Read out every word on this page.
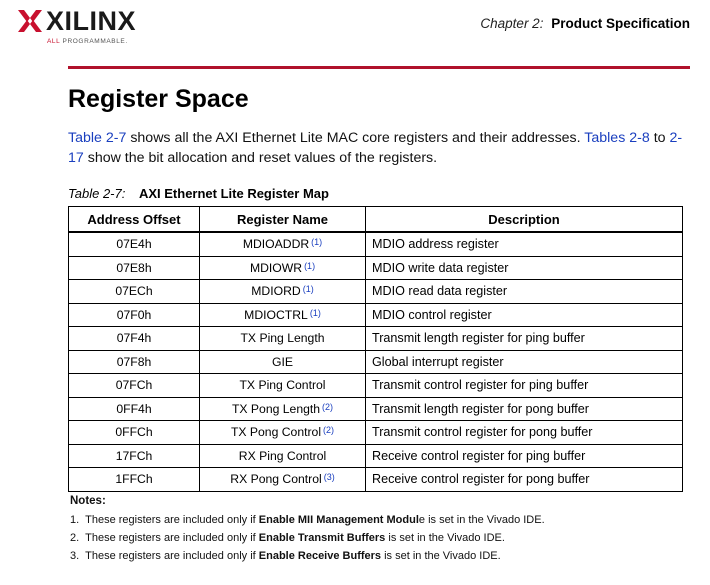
XILINX
ALL PROGRAMMABLE.
Chapter 2: Product Specification
Register Space
Table 2-7 shows all the AXI Ethernet Lite MAC core registers and their addresses. Tables 2-8 to 2-17 show the bit allocation and reset values of the registers.
Table 2-7: AXI Ethernet Lite Register Map
Address Offset	Register Name	Description
07E4h	MDIOADDR $^{(1)}$	MDIO address register
07E8h	MDIOWR $^{(1)}$	MDIO write data register
07ECh	MDIORD $^{(1)}$	MDIO read data register
07F0h	MDIOCTRL $^{(1)}$	MDIO control register
07F4h	TX Ping Length	Transmit length register for ping buffer
07F8h	GIE	Global interrupt register
07FCh	TX Ping Control	Transmit control register for ping buffer
0FF4h	TX Pong Length $^{(2)}$	Transmit length register for pong buffer
0FFCh	TX Pong Control $^{(2)}$	Transmit control register for pong buffer
17FCh	RX Ping Control	Receive control register for ping buffer
1FFCh	RX Pong Control $^{(3)}$	Receive control register for pong buffer
Notes:
1. These registers are included only if Enable MII Management Module is set in the Vivado IDE.
2. These registers are included only if Enable Transmit Buffers is set in the Vivado IDE.
3. These registers are included only if Enable Receive Buffers is set in the Vivado IDE.
